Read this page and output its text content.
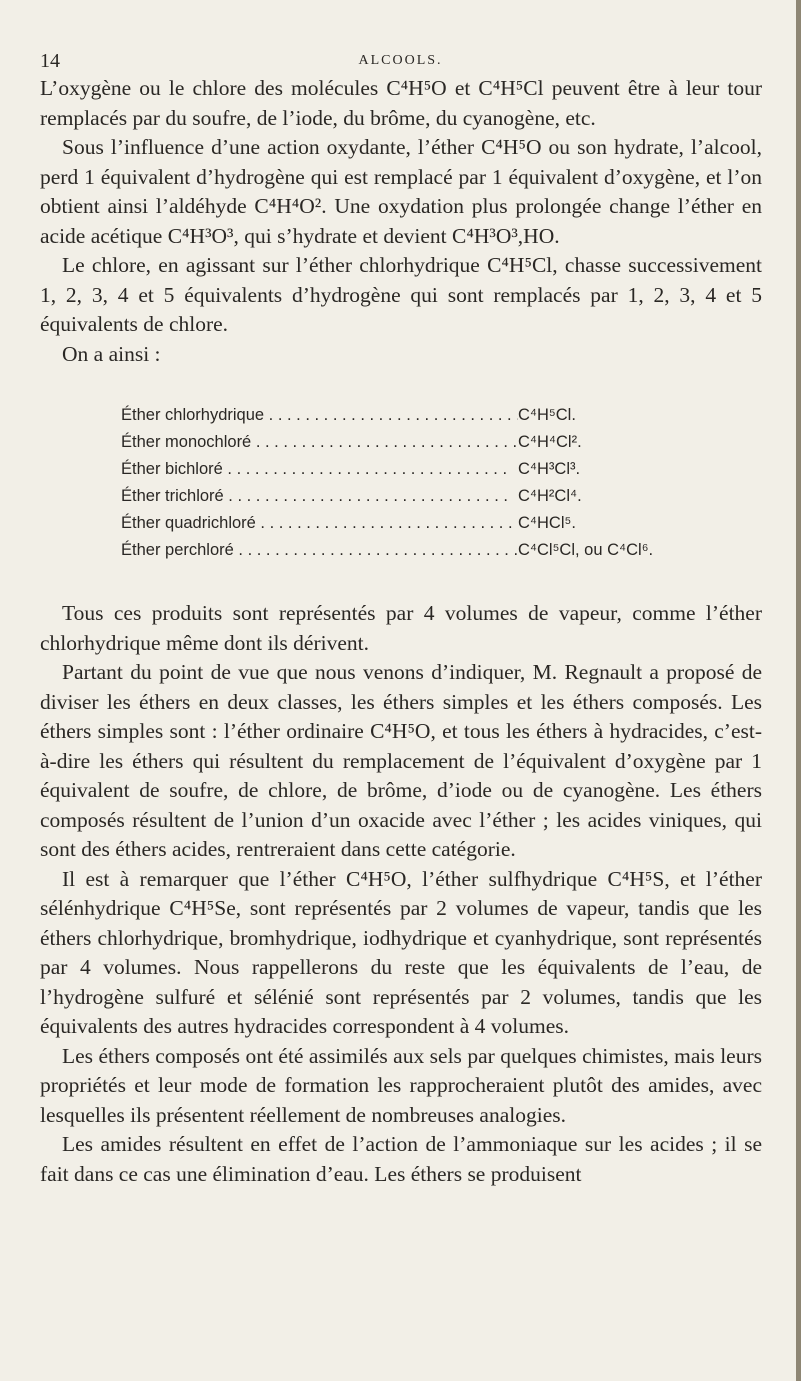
14	ALCOOLS.

L’oxygène ou le chlore des molécules C⁴H⁵O et C⁴H⁵Cl peuvent être à leur tour remplacés par du soufre, de l’iode, du brôme, du cyanogène, etc.

Sous l’influence d’une action oxydante, l’éther C⁴H⁵O ou son hydrate, l’alcool, perd 1 équivalent d’hydrogène qui est remplacé par 1 équivalent d’oxygène, et l’on obtient ainsi l’aldéhyde C⁴H⁴O². Une oxydation plus prolongée change l’éther en acide acétique C⁴H³O³, qui s’hydrate et devient C⁴H³O³,HO.

Le chlore, en agissant sur l’éther chlorhydrique C⁴H⁵Cl, chasse successivement 1, 2, 3, 4 et 5 équivalents d’hydrogène qui sont remplacés par 1, 2, 3, 4 et 5 équivalents de chlore.

On a ainsi :

Éther chlorhydrique . . .	C⁴H⁵Cl.
Éther monochloré . . .	C⁴H⁴Cl².
Éther bichloré . . .	C⁴H³Cl³.
Éther trichloré . . .	C⁴H²Cl⁴.
Éther quadrichloré . . .	C⁴HCl⁵.
Éther perchloré . . .	C⁴Cl⁵Cl, ou C⁴Cl⁶.

Tous ces produits sont représentés par 4 volumes de vapeur, comme l’éther chlorhydrique même dont ils dérivent.

Partant du point de vue que nous venons d’indiquer, M. Regnault a proposé de diviser les éthers en deux classes, les éthers simples et les éthers composés. Les éthers simples sont : l’éther ordinaire C⁴H⁵O, et tous les éthers à hydracides, c’est-à-dire les éthers qui résultent du remplacement de l’équivalent d’oxygène par 1 équivalent de soufre, de chlore, de brôme, d’iode ou de cyanogène. Les éthers composés résultent de l’union d’un oxacide avec l’éther ; les acides viniques, qui sont des éthers acides, rentreraient dans cette catégorie.

Il est à remarquer que l’éther C⁴H⁵O, l’éther sulfhydrique C⁴H⁵S, et l’éther sélénhydrique C⁴H⁵Se, sont représentés par 2 volumes de vapeur, tandis que les éthers chlorhydrique, bromhydrique, iodhydrique et cyanhydrique, sont représentés par 4 volumes. Nous rappellerons du reste que les équivalents de l’eau, de l’hydrogène sulfuré et sélénié sont représentés par 2 volumes, tandis que les équivalents des autres hydracides correspondent à 4 volumes.

Les éthers composés ont été assimilés aux sels par quelques chimistes, mais leurs propriétés et leur mode de formation les rapprocheraient plutôt des amides, avec lesquelles ils présentent réellement de nombreuses analogies.

Les amides résultent en effet de l’action de l’ammoniaque sur les acides ; il se fait dans ce cas une élimination d’eau. Les éthers se produisent
